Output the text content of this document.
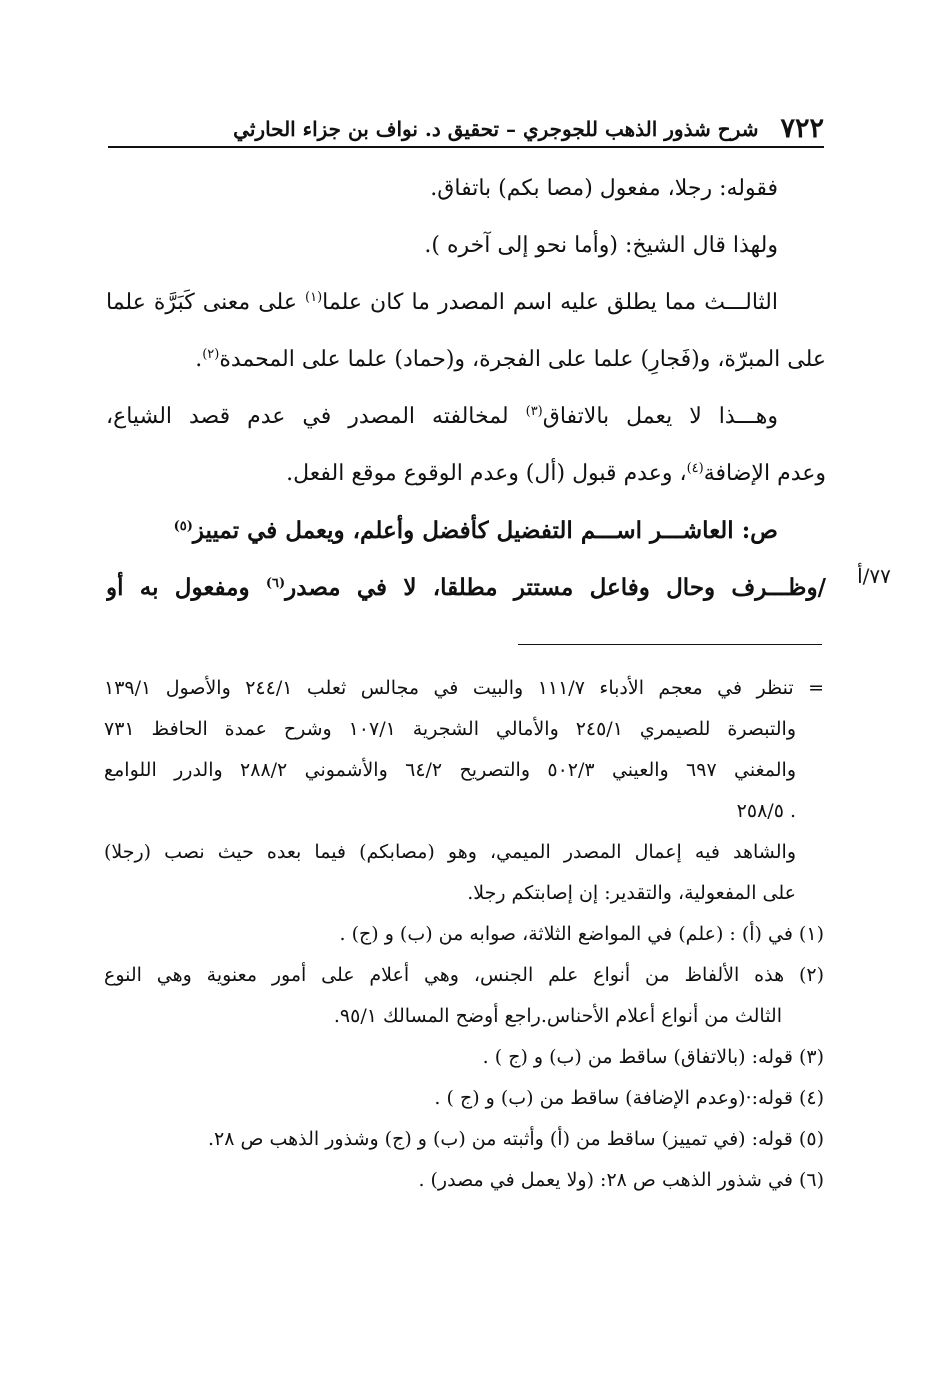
٧٢٢
شرح شذور الذهب للجوجري – تحقيق د. نواف بن جزاء الحارثي
فقوله: رجلا، مفعول (مصا بكم) باتفاق.
ولهذا قال الشيخ: (وأما نحو إلى آخره ).
الثالـــث مما يطلق عليه اسم المصدر ما كان علما$^{(١)}$ على معنى كَبَرَّة علما
على المبرّة، و(فَجارِ) علما على الفجرة، و(حماد) علما على المحمدة$^{(٢)}$.
وهـــذا لا يعمل بالاتفاق$^{(٣)}$ لمخالفته المصدر في عدم قصد الشياع،
وعدم الإضافة$^{(٤)}$، وعدم قبول (أل) وعدم الوقوع موقع الفعل.
ص: العاشـــر اســـم التفضيل كأفضل وأعلم، ويعمل في تمييز$^{(٥)}$
/وظـــرف وحال وفاعل مستتر مطلقا، لا في مصدر$^{(٦)}$ ومفعول به أو	٧٧/أ
= تنظر في معجم الأدباء ١١١/٧ والبيت في مجالس ثعلب ٢٤٤/١ والأصول ١٣٩/١
والتبصرة للصيمري ٢٤٥/١ والأمالي الشجرية ١٠٧/١ وشرح عمدة الحافظ ٧٣١
والمغني ٦٩٧ والعيني ٥٠٢/٣ والتصريح ٦٤/٢ والأشموني ٢٨٨/٢ والدرر اللوامع
. ٢٥٨/٥
والشاهد فيه إعمال المصدر الميمي، وهو (مصابكم) فيما بعده حيث نصب (رجلا)
على المفعولية، والتقدير: إن إصابتكم رجلا.
(١) في (أ) : (علم) في المواضع الثلاثة، صوابه من (ب) و (ج) .
(٢) هذه الألفاظ من أنواع علم الجنس، وهي أعلام على أمور معنوية وهي النوع
الثالث من أنواع أعلام الأحناس.راجع أوضح المسالك ٩٥/١.
(٣) قوله: (بالاتفاق) ساقط من (ب) و (ج ) .
(٤) قوله:·(وعدم الإضافة) ساقط من (ب) و (ج ) .
(٥) قوله: (في تمييز) ساقط من (أ) وأثبته من (ب) و (ج) وشذور الذهب ص ٢٨.
(٦) في شذور الذهب ص ٢٨: (ولا يعمل في مصدر) .
